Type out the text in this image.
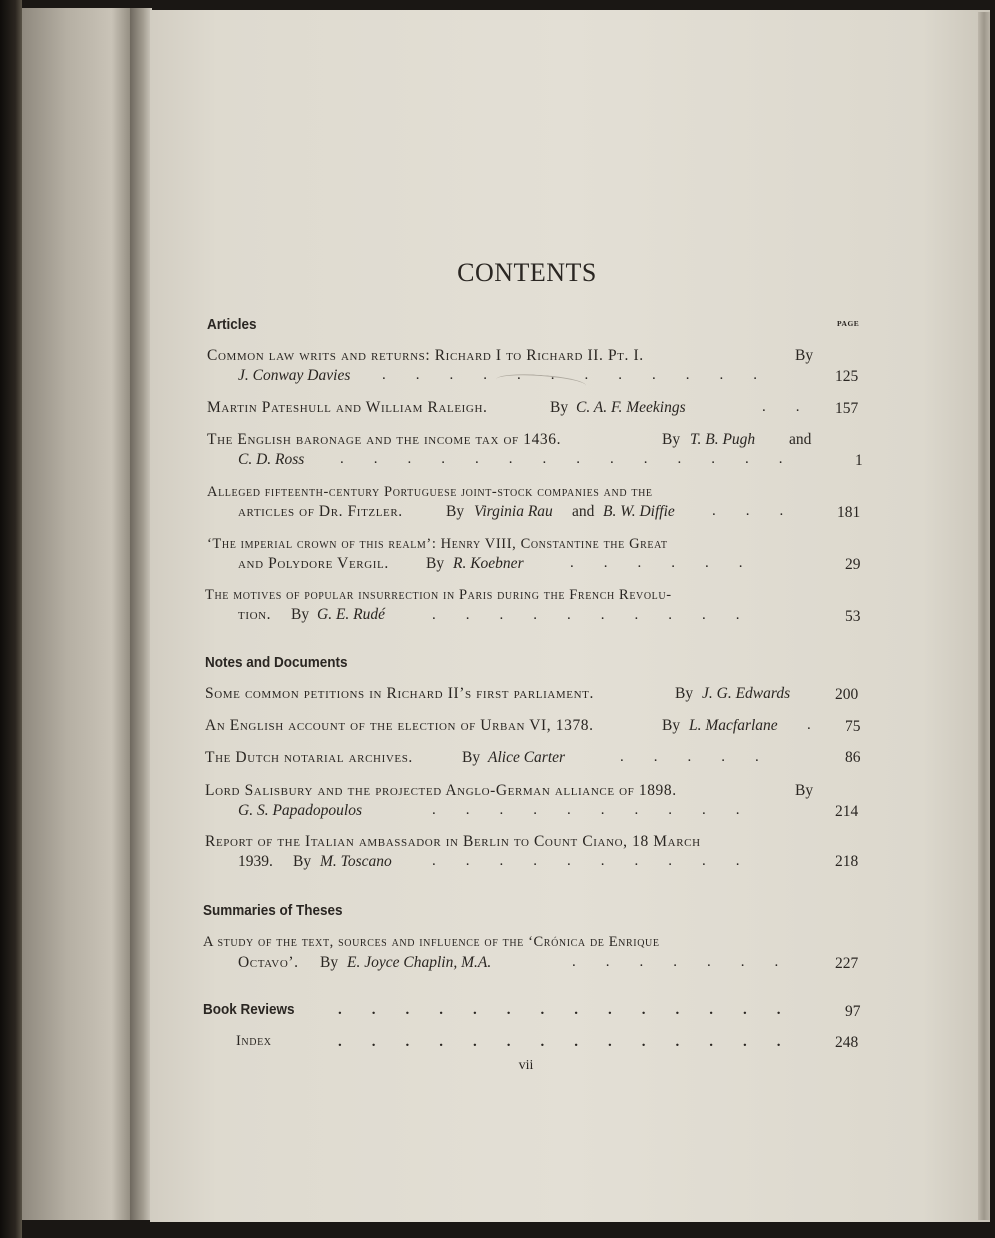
CONTENTS
Articles	PAGE
Common law writs and returns: Richard I to Richard II. Pt. I.	By
J. Conway Davies .        .        .        .        .        .        .        .        .        .        .        .	125
Martin Pateshull and William Raleigh.	By C. A. F. Meekings	.        . 157
The English baronage and the income tax of 1436.	By T. B. Pugh and
C. D. Ross .        .        .        .        .        .        .        .        .        .        .        .        .        .	1
Alleged fifteenth-century Portuguese joint-stock companies and the
articles of Dr. Fitzler.	By Virginia Rau and B. W. Diffie .        .        .	181
‘The imperial crown of this realm’: Henry VIII, Constantine the Great
and Polydore Vergil. By R. Koebner	.        .        .        .        .        .	29
The motives of popular insurrection in Paris during the French Revolu-
tion. By G. E. Rudé	.        .        .        .        .        .        .        .        .        .	53
Notes and Documents
Some common petitions in Richard II’s first parliament.	By J. G. Edwards	200
An English account of the election of Urban VI, 1378.	By L. Macfarlane . 75
The Dutch notarial archives.	By Alice Carter	.        .        .        .        .	86
Lord Salisbury and the projected Anglo-German alliance of 1898.	By
G. S. Papadopoulos	.        .        .        .        .        .        .        .        .        .	214
Report of the Italian ambassador in Berlin to Count Ciano, 18 March
1939. By M. Toscano	.        .        .        .        .        .        .        .        .        .	218
Summaries of Theses
A study of the text, sources and influence of the ‘Crónica de Enrique
Octavo’. By E. Joyce Chaplin, M.A.	.        .        .        .        .        .        .	227
Book Reviews	.        .        .        .        .        .        .        .        .        .        .        .        .        .	97
Index	.        .        .        .        .        .        .        .        .        .        .        .        .        .	248
vii
